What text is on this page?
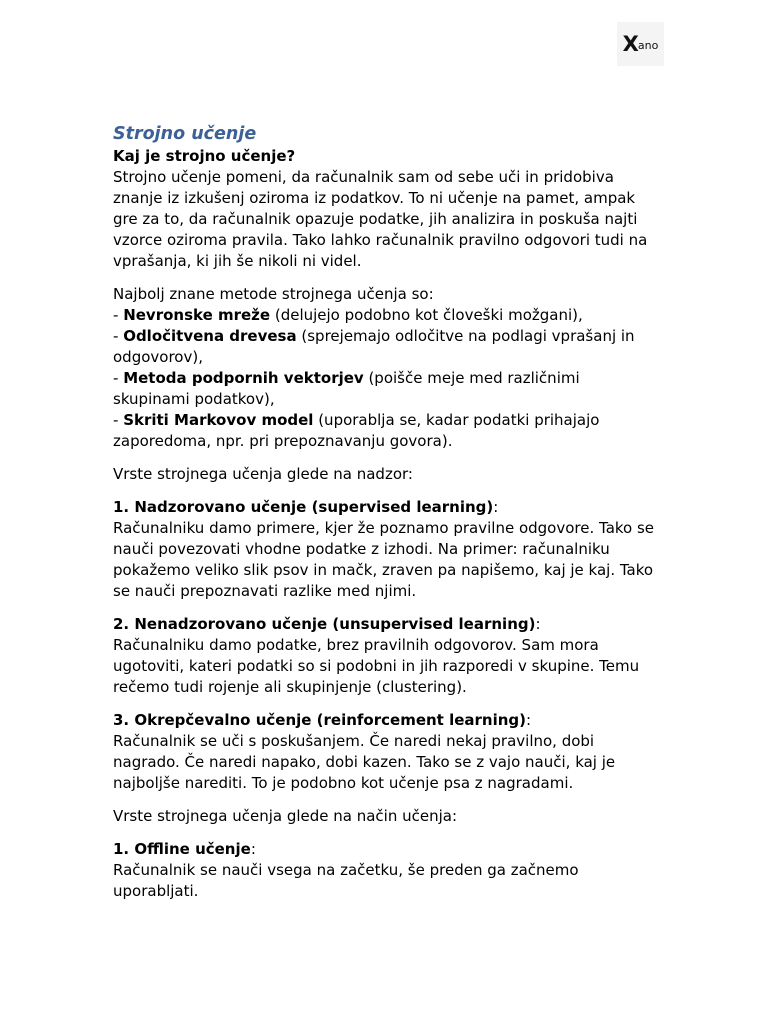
X ano

Strojno učenje

Kaj je strojno učenje?

Strojno učenje pomeni, da računalnik sam od sebe uči in pridobiva znanje iz izkušenj oziroma iz podatkov. To ni učenje na pamet, ampak gre za to, da računalnik opazuje podatke, jih analizira in poskuša najti vzorce oziroma pravila. Tako lahko računalnik pravilno odgovori tudi na vprašanja, ki jih še nikoli ni videl.

Najbolj znane metode strojnega učenja so:

- Nevronske mreže (delujejo podobno kot človeški možgani),
- Odločitvena drevesa (sprejemajo odločitve na podlagi vprašanj in odgovorov),
- Metoda podpornih vektorjev (poišče meje med različnimi skupinami podatkov),
- Skriti Markovov model (uporablja se, kadar podatki prihajajo zaporedoma, npr. pri prepoznavanju govora).

Vrste strojnega učenja glede na nadzor:

1. Nadzorovano učenje (supervised learning):

Računalniku damo primere, kjer že poznamo pravilne odgovore. Tako se nauči povezovati vhodne podatke z izhodi. Na primer: računalniku pokažemo veliko slik psov in mačk, zraven pa napišemo, kaj je kaj. Tako se nauči prepoznavati razlike med njimi.

2. Nenadzorovano učenje (unsupervised learning):

Računalniku damo podatke, brez pravilnih odgovorov. Sam mora ugotoviti, kateri podatki so si podobni in jih razporedi v skupine. Temu rečemo tudi rojenje ali skupinjenje (clustering).

3. Okrepčevalno učenje (reinforcement learning):

Računalnik se uči s poskušanjem. Če naredi nekaj pravilno, dobi nagrado. Če naredi napako, dobi kazen. Tako se z vajo nauči, kaj je najboljše narediti. To je podobno kot učenje psa z nagradami.

Vrste strojnega učenja glede na način učenja:

1. Offline učenje:

Računalnik se nauči vsega na začetku, še preden ga začnemo uporabljati.
